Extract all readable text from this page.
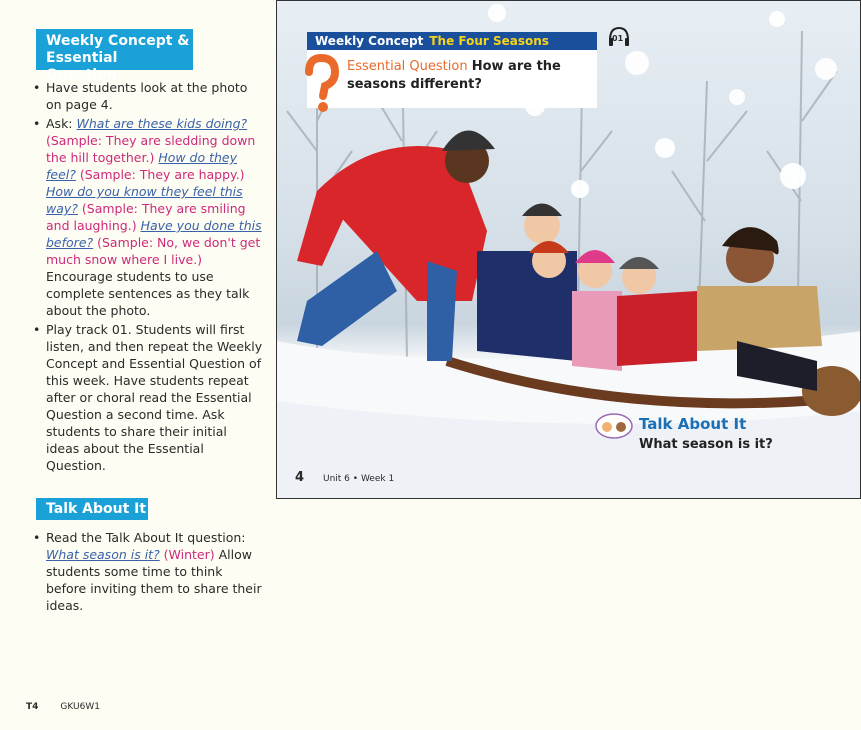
Weekly Concept &
Essential Question
• Have students look at the photo on page 4.
• Ask: What are these kids doing? (Sample: They are sledding down the hill together.) How do they feel? (Sample: They are happy.) How do you know they feel this way? (Sample: They are smiling and laughing.) Have you done this before? (Sample: No, we don't get much snow where I live.) Encourage students to use complete sentences as they talk about the photo.
• Play track 01. Students will first listen, and then repeat the Weekly Concept and Essential Question of this week. Have students repeat after or choral read the Essential Question a second time. Ask students to share their initial ideas about the Essential Question.
Talk About It
• Read the Talk About It question: What season is it? (Winter) Allow students some time to think before inviting them to share their ideas.
T4 GKU6W1
Weekly Concept The Four Seasons
Essential Question How are the seasons different?
01
Talk About It
What season is it?
4 Unit 6 • Week 1
